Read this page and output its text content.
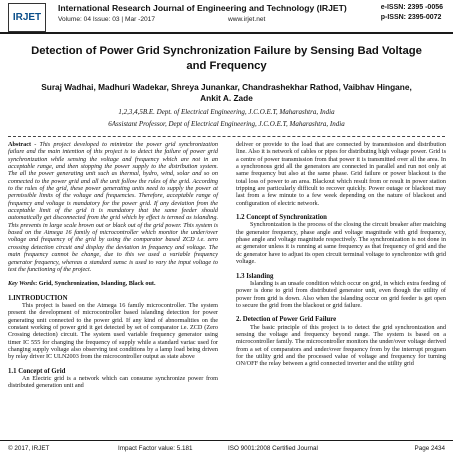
IRJET
International Research Journal of Engineering and Technology (IRJET)
Volume: 04 Issue: 03 | Mar -2017	www.irjet.net
e-ISSN: 2395 -0056
p-ISSN: 2395-0072
Detection of Power Grid Synchronization Failure by Sensing Bad Voltage and Frequency
Suraj Wadhai, Madhuri Wadekar, Shreya Junankar, Chandrashekhar Rathod, Vaibhav Hingane, Ankit A. Zade
1,2,3,4,5B.E. Dept. of Electrical Engineering, J.C.O.E.T, Maharashtra, India
6Assistant Professor, Dept of Electrical Engineering, J.C.O.E.T, Maharashtra, India

Abstract - This project developed to minimize the power grid synchronization failure and the main intention of this project is to detect the failure of power grid synchronization while sensing the voltage and frequency which are not in an acceptable range, and then stopping the power supply to the distribution system. The all the power generating unit such as thermal, hydro, wind, solar and so on connected to the power grid and all the unit follow the rules of the grid. According to the rules of the grid, these power generating units need to supply the power at permissible limits of the voltage and frequencies. Therefore, acceptable range of frequency and voltage is mandatory for the power grid. If any deviation from the acceptable limit of the grid it is mandatory that the same feeder should automatically get disconnected from the grid which by effect is termed as islanding. This prevents in large scale brown out or black out of the grid power. This system is based on the Atmega 16 family of microcontroller which monitor the under/over voltage and frequency of the grid by using the comparator based ZCD i.e. zero crossing detection circuit and display the deviation in frequency and voltage. The main frequency cannot be change, due to this we used a variable frequency generator frequency, whereas a standard sunsc is used to vary the input voltage to test the functioning of the project.

Key Words: Grid, Synchronization, Islanding, Black out.

1.INTRODUCTION

This project is based on the Atmega 16 family microcontroller. The system present the development of microcontroller based islanding detection for power generating unit connected to the power grid. If any kind of abnormalities on the constant working of power grid it get detected by set of comparator i.e. ZCD (Zero Crossing detection) circuit. The system used variable frequency generator using timer IC 555 for changing the frequency of supply while a standard variac used for changing supply voltage also observing test conditions by a lamp load being driven by relay driver IC ULN2003 from the microcontroller output as state above

1.1 Concept of Grid

An Electric grid is a network which can consume synchronize power from distributed generation unit and

deliver or provide to the load that are connected by transmission and distribution line. Also it is network of cables or pipes for distributing high voltage power. Grid is a centre of power transmission from that power it is transmitted over all the area. In a synchronous grid all the generators are connected in parallel and run not only at same frequency but also at the same phase. Grid failure or power blackout is the total loss of power to an area. Blackout which result from or result in power station tripping are particularly difficult to recover quickly. Power outage or blackout may last from a few minute to a few week depending on the nature of blackout and configuration of electric network.

1.2 Concept of Synchronization

Synchronization is the process of the closing the circuit breaker after matching the generator frequency, phase angle and voltage magnitude with grid frequency, phase angle and voltage magnitude respectively. The synchronization is not done in ac generator unless it is running at same frequency as that frequency of grid and the dc generator have to adjust its open circuit terminal voltage to synchronize with grid voltage.

1.3 Islanding

Islanding is an unsafe condition which occur on grid, in which extra feeding of power is done to grid from distributed generator unit, even though the utility of power from grid is down. Also when the islanding occur on grid feeder is get open to secure the grid from the blackout or grid failure.

2. Detection of Power Grid Failure

The basic principle of this project is to detect the grid synchronization and sensing the voltage and frequency beyond range. The system is based on a microcontroller family. The microcontroller monitors the under/over voltage derived from a set of comparators and under/over frequency from by the interrupt program for the utility grid and the processed value of voltage and frequency for turning ON/OFF the relay between a grid connected inverter and the utility grid

© 2017, IRJET	Impact Factor value: 5.181	ISO 9001:2008 Certified Journal	Page 2434
